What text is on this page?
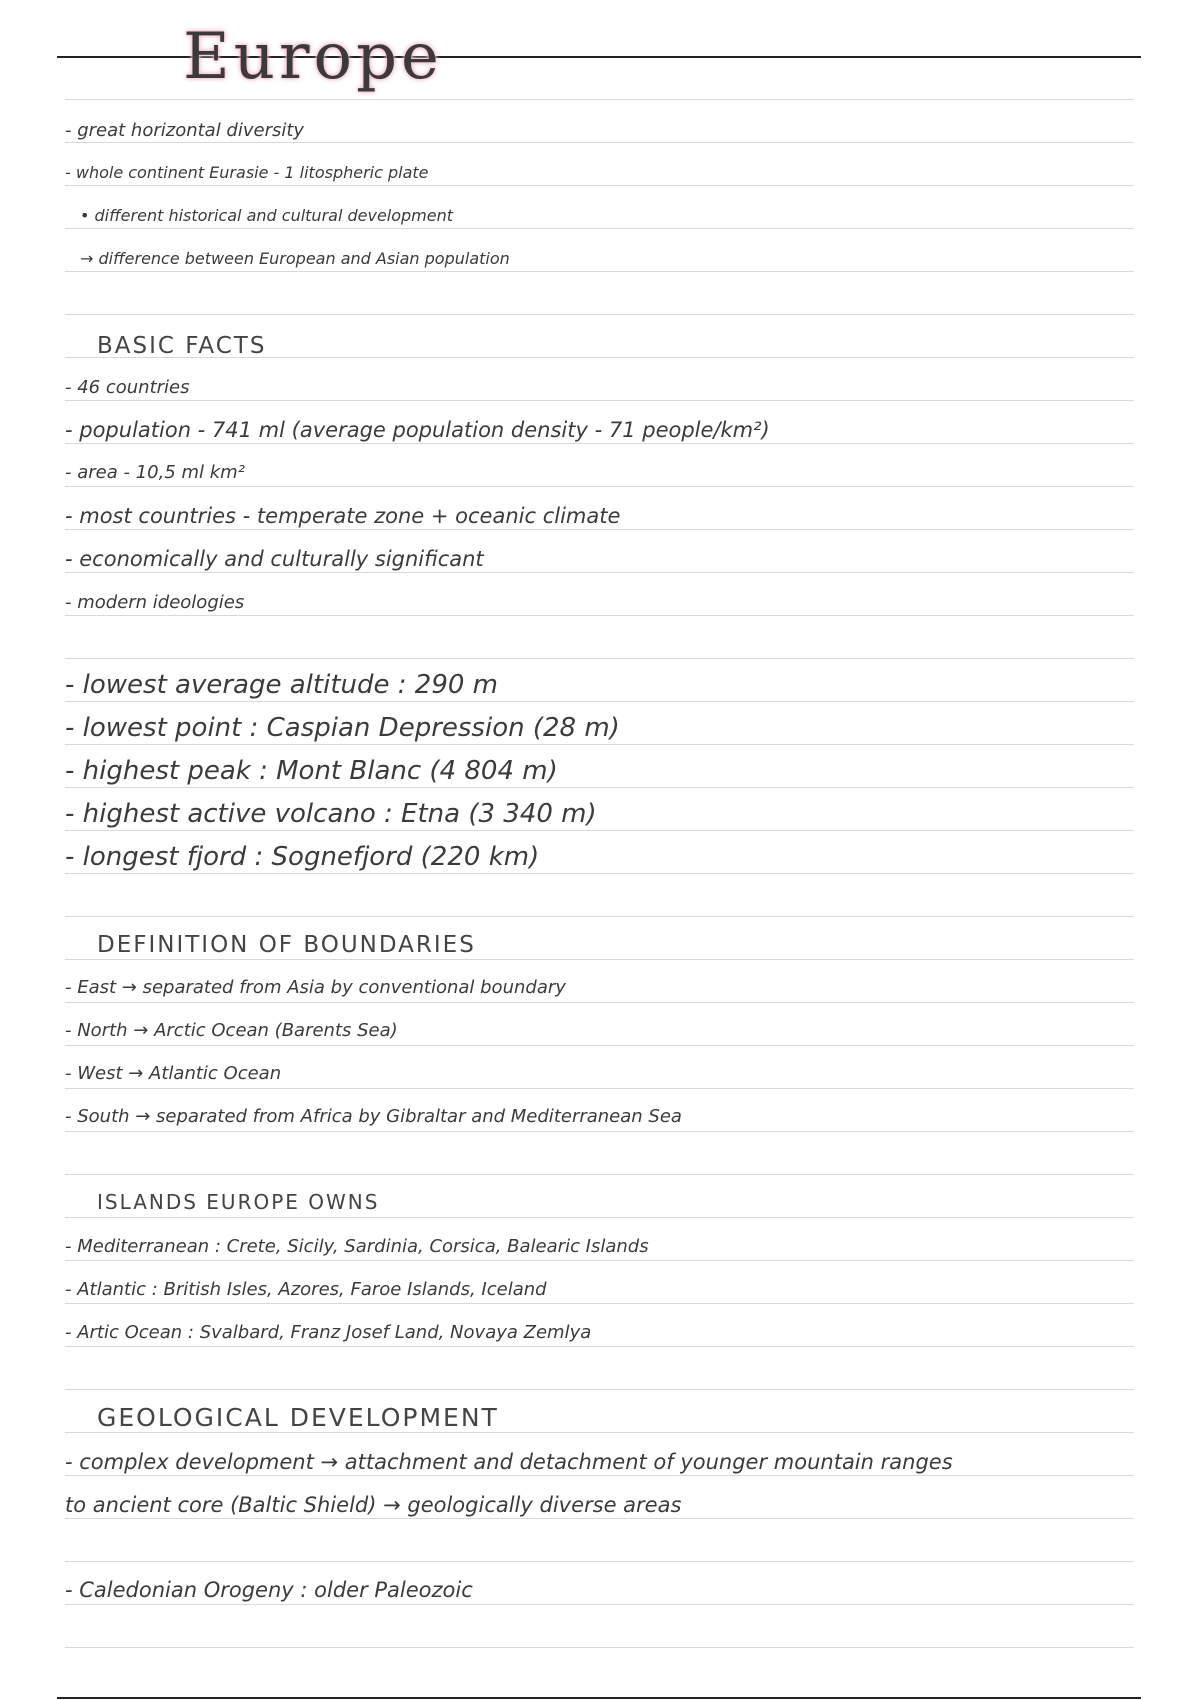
Europe
- great horizontal diversity
- whole continent Eurasie - 1 litospheric plate
• different historical and cultural development
→ difference between European and Asian population
BASIC FACTS
- 46 countries
- population - 741 ml (average population density - 71 people/km²)
- area - 10,5 ml km²
- most countries - temperate zone + oceanic climate
- economically and culturally significant
- modern ideologies
- lowest average altitude : 290 m
- lowest point : Caspian Depression (28 m)
- highest peak : Mont Blanc (4 804 m)
- highest active volcano : Etna (3 340 m)
- longest fjord : Sognefjord (220 km)
DEFINITION OF BOUNDARIES
- East → separated from Asia by conventional boundary
- North → Arctic Ocean (Barents Sea)
- West → Atlantic Ocean
- South → separated from Africa by Gibraltar and Mediterranean Sea
ISLANDS EUROPE OWNS
- Mediterranean : Crete, Sicily, Sardinia, Corsica, Balearic Islands
- Atlantic : British Isles, Azores, Faroe Islands, Iceland
- Artic Ocean : Svalbard, Franz Josef Land, Novaya Zemlya
GEOLOGICAL DEVELOPMENT
- complex development → attachment and detachment of younger mountain ranges
to ancient core (Baltic Shield) → geologically diverse areas
- Caledonian Orogeny : older Paleozoic
